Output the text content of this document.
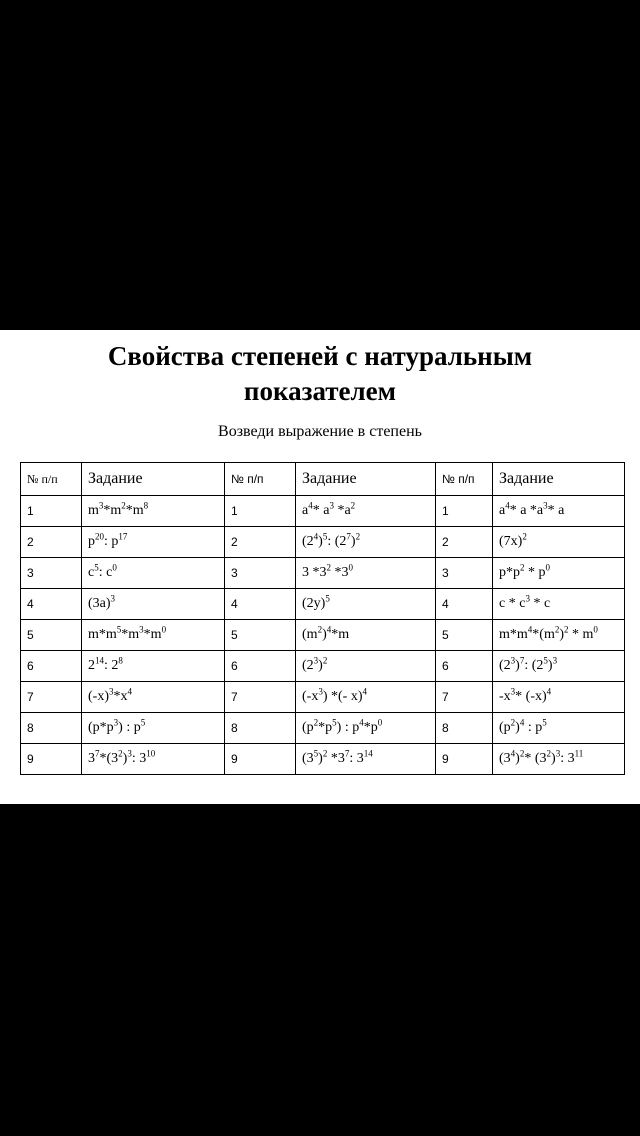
Свойства степеней с натуральным
показателем
Возведи выражение в степень
№ п/п	Задание	№ п/п	Задание	№ п/п	Задание
1	$m^3*m^2*m^8$	1	$a^4*$ $a^3$ $*a^2$	1	$a^4*$ a $*a^3*$ a
2	$p^{20}$: $p^{17}$	2	$(2^4)^5$: $(2^7)^2$	2	$(7x)^2$
3	$c^5$: $c^0$	3	3 $*3^2$ $*3^0$	3	$p*p^2 * p^0$
4	$(3a)^3$	4	$(2y)^5$	4	c * $c^3$ * c
5	$m*m^5*m^3*m^0$	5	$(m^2)^4*m$	5	$m*m^4*(m^2)^2 * m^0$
6	$2^{14}$: $2^8$	6	$(2^3)^2$	6	$(2^3)^7$: $(2^5)^3$
7	$(-x)^3*x^4$	7	$(-x^3)$ *(- x)$^4$	7	$-x^3*$ $(-x)^4$
8	$(p*p^3)$ : $p^5$	8	$(p^2*p^5)$ : $p^4*p^0$	8	$(p^2)^4$ : $p^5$
9	$3^7*(3^2)^3$: $3^{10}$	9	$(3^5)^2$ $*3^7$: $3^{14}$	9	$(3^4)^2*$ $(3^2)^3$: $3^{11}$
